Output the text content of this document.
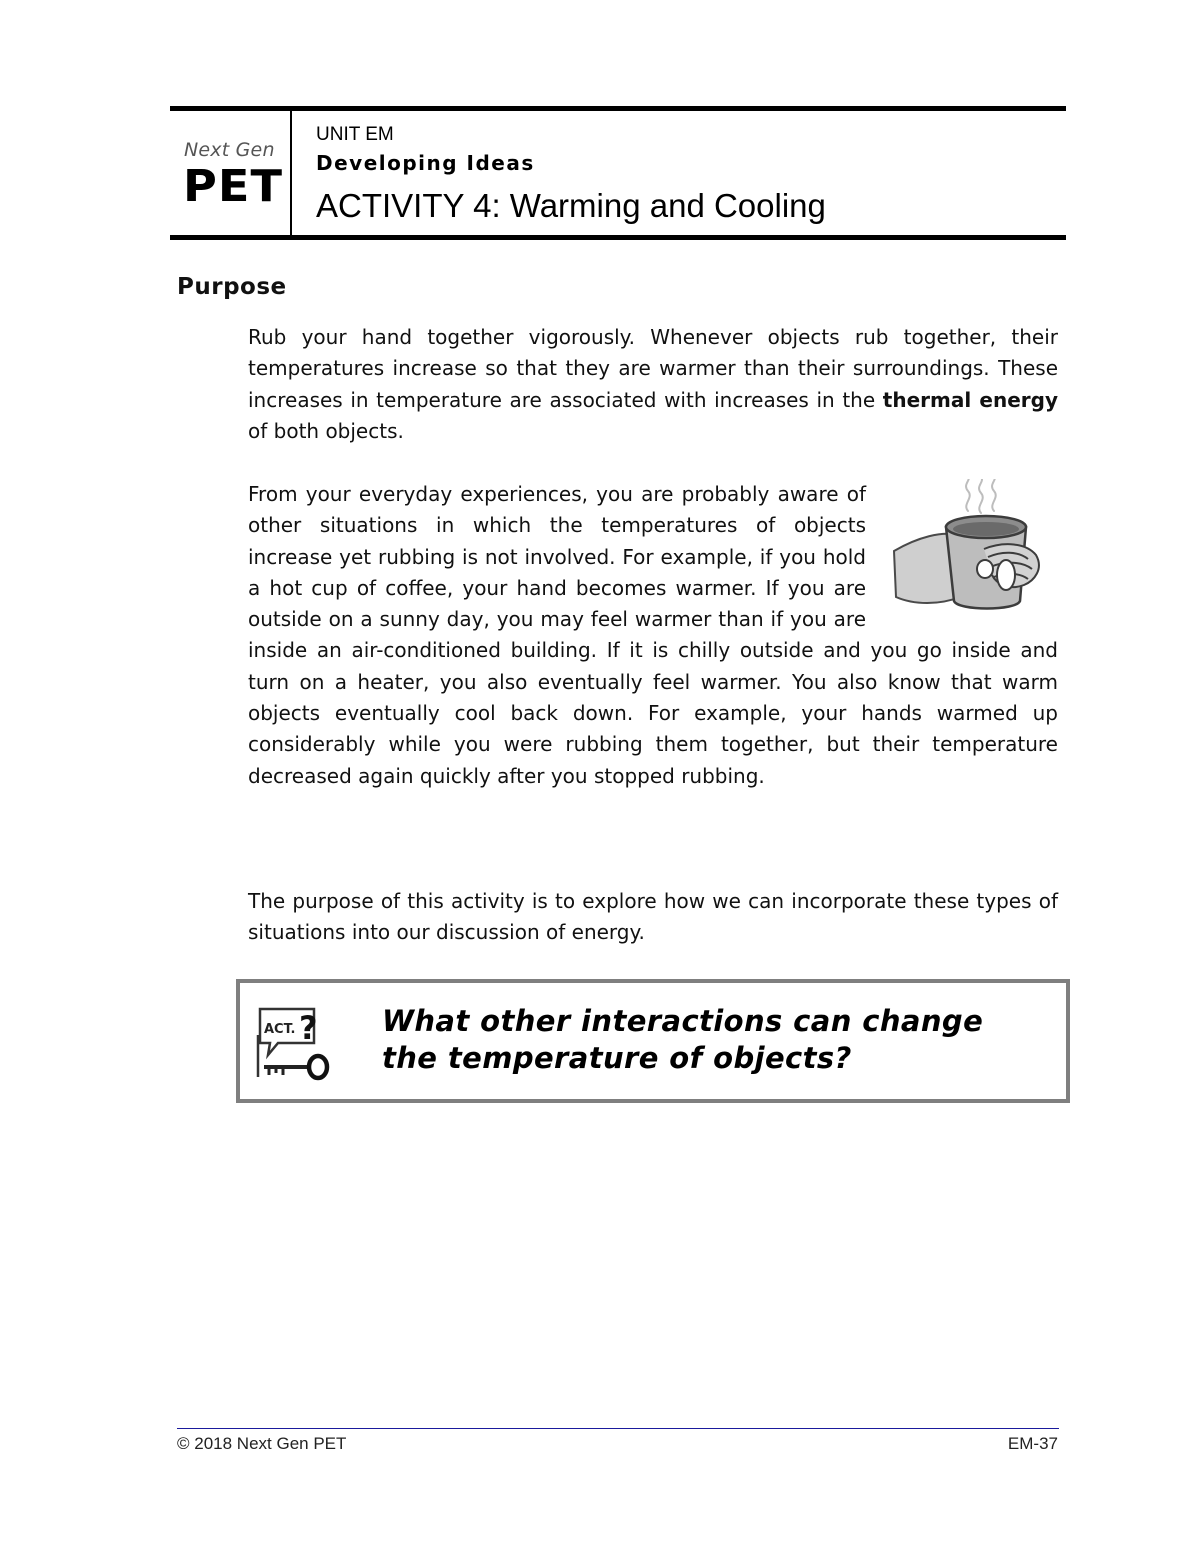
Next Gen
PET
UNIT EM
Developing Ideas
ACTIVITY 4: Warming and Cooling
Purpose

Rub your hand together vigorously. Whenever objects rub together, their temperatures increase so that they are warmer than their surroundings. These increases in temperature are associated with increases in the thermal energy of both objects.

From your everyday experiences, you are probably aware of other situations in which the temperatures of objects increase yet rubbing is not involved. For example, if you hold a hot cup of coffee, your hand becomes warmer. If you are outside on a sunny day, you may feel warmer than if you are inside an air-conditioned building. If it is chilly outside and you go inside and turn on a heater, you also eventually feel warmer. You also know that warm objects eventually cool back down. For example, your hands warmed up considerably while you were rubbing them together, but their temperature decreased again quickly after you stopped rubbing.

The purpose of this activity is to explore how we can incorporate these types of situations into our discussion of energy.

ACT. ? What other interactions can change the temperature of objects?
© 2018 Next Gen PET	EM-37
